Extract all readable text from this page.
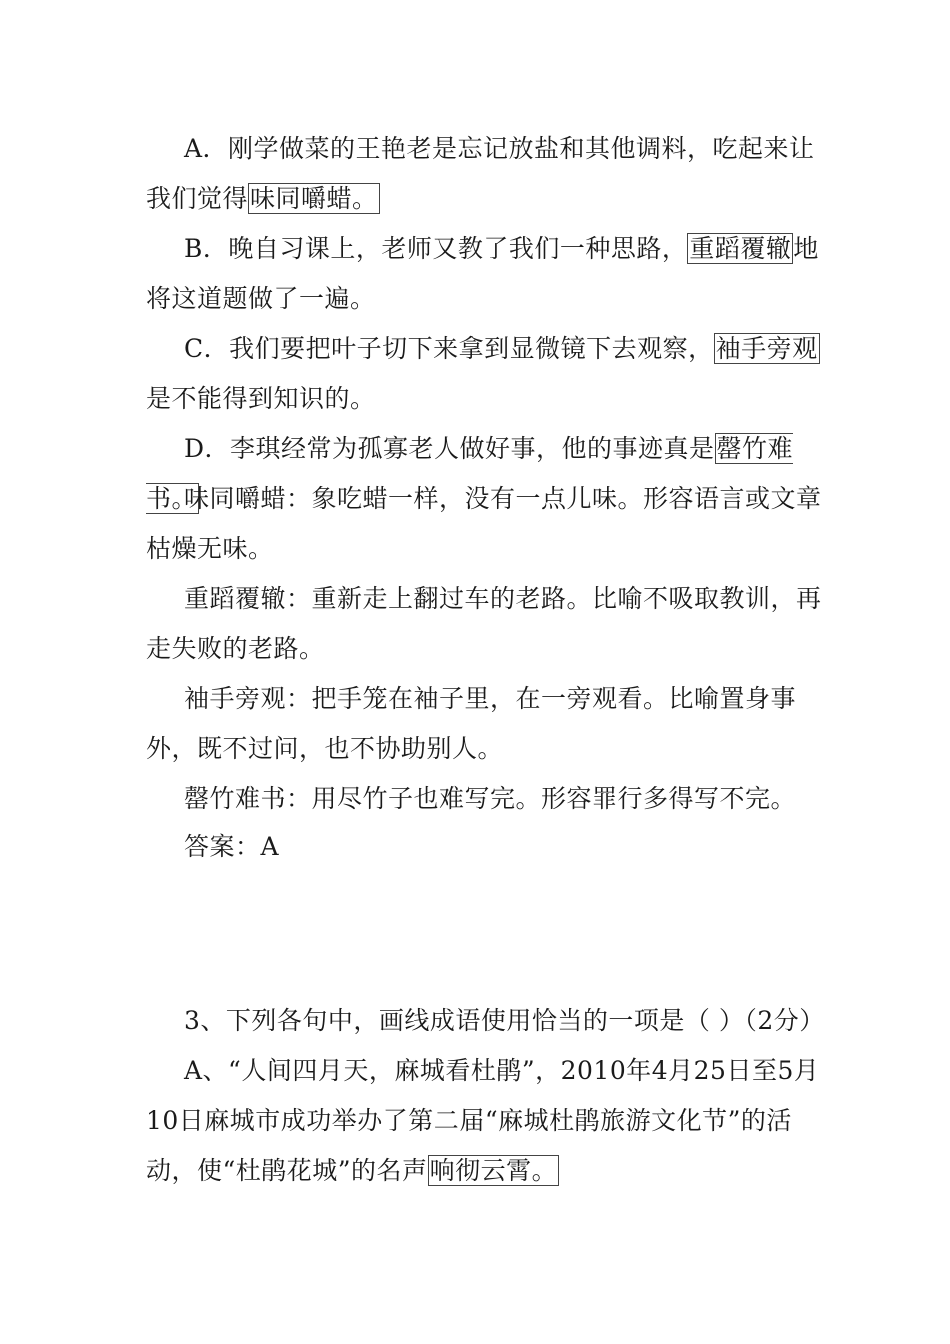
A．刚学做菜的王艳老是忘记放盐和其他调料，吃起来让我们觉得味同嚼蜡。

B．晚自习课上，老师又教了我们一种思路，重蹈覆辙地将这道题做了一遍。

C．我们要把叶子切下来拿到显微镜下去观察，袖手旁观是不能得到知识的。

D．李琪经常为孤寡老人做好事，他的事迹真是罄竹难书。

味同嚼蜡：象吃蜡一样，没有一点儿味。形容语言或文章枯燥无味。

重蹈覆辙：重新走上翻过车的老路。比喻不吸取教训，再走失败的老路。

袖手旁观：把手笼在袖子里，在一旁观看。比喻置身事外，既不过问，也不协助别人。

罄竹难书：用尽竹子也难写完。形容罪行多得写不完。

答案：A

3、下列各句中，画线成语使用恰当的一项是（ ）（2分）

A、“人间四月天，麻城看杜鹃”，2010年4月25日至5月10日麻城市成功举办了第二届“麻城杜鹃旅游文化节”的活动，使“杜鹃花城”的名声响彻云霄。
